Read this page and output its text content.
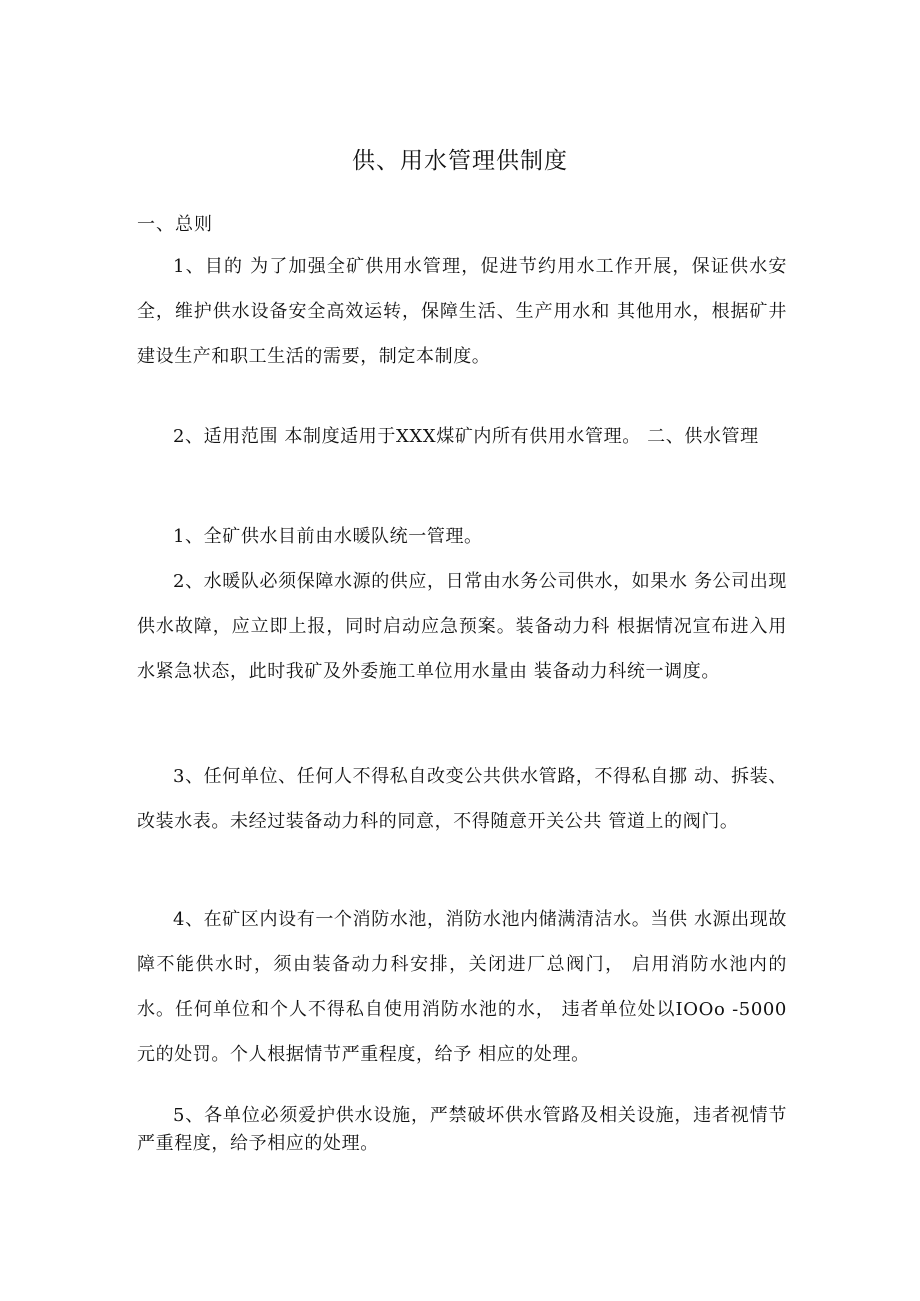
供、用水管理供制度
一、总则

1、目的 为了加强全矿供用水管理，促进节约用水工作开展，保证供水安全，维护供水设备安全高效运转，保障生活、生产用水和 其他用水，根据矿井建设生产和职工生活的需要，制定本制度。

2、适用范围 本制度适用于XXX煤矿内所有供用水管理。 二、供水管理

1、全矿供水目前由水暖队统一管理。

2、水暖队必须保障水源的供应，日常由水务公司供水，如果水 务公司出现供水故障，应立即上报，同时启动应急预案。装备动力科 根据情况宣布进入用水紧急状态，此时我矿及外委施工单位用水量由 装备动力科统一调度。

3、任何单位、任何人不得私自改变公共供水管路，不得私自挪 动、拆装、改装水表。未经过装备动力科的同意，不得随意开关公共 管道上的阀门。

4、在矿区内设有一个消防水池，消防水池内储满清洁水。当供 水源出现故障不能供水时，须由装备动力科安排，关闭进厂总阀门， 启用消防水池内的水。任何单位和个人不得私自使用消防水池的水， 违者单位处以IOOo -5000元的处罚。个人根据情节严重程度，给予 相应的处理。

5、各单位必须爱护供水设施，严禁破坏供水管路及相关设施，违者视情节严重程度，给予相应的处理。
